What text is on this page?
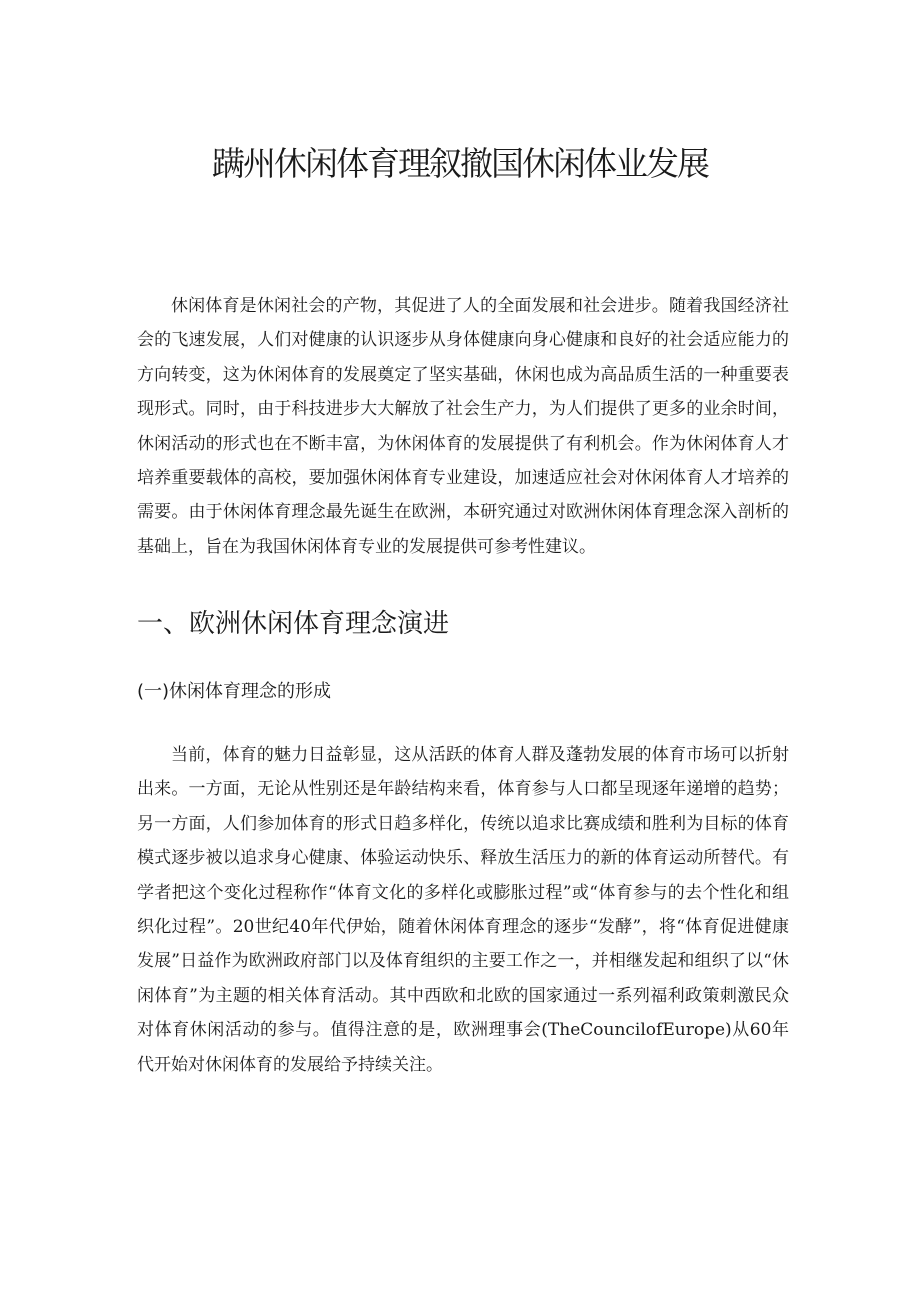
蹒州休闲体育理叙撤国休闲体业发展

休闲体育是休闲社会的产物，其促进了人的全面发展和社会进步。随着我国经济社会的飞速发展，人们对健康的认识逐步从身体健康向身心健康和良好的社会适应能力的方向转变，这为休闲体育的发展奠定了坚实基础，休闲也成为高品质生活的一种重要表现形式。同时，由于科技进步大大解放了社会生产力，为人们提供了更多的业余时间，休闲活动的形式也在不断丰富，为休闲体育的发展提供了有利机会。作为休闲体育人才培养重要载体的高校，要加强休闲体育专业建设，加速适应社会对休闲体育人才培养的需要。由于休闲体育理念最先诞生在欧洲，本研究通过对欧洲休闲体育理念深入剖析的基础上，旨在为我国休闲体育专业的发展提供可参考性建议。

一、欧洲休闲体育理念演进
(一)休闲体育理念的形成

当前，体育的魅力日益彰显，这从活跃的体育人群及蓬勃发展的体育市场可以折射出来。一方面，无论从性别还是年龄结构来看，体育参与人口都呈现逐年递增的趋势；另一方面，人们参加体育的形式日趋多样化，传统以追求比赛成绩和胜利为目标的体育模式逐步被以追求身心健康、体验运动快乐、释放生活压力的新的体育运动所替代。有学者把这个变化过程称作“体育文化的多样化或膨胀过程”或“体育参与的去个性化和组织化过程”。20世纪40年代伊始，随着休闲体育理念的逐步“发酵”，将“体育促进健康发展”日益作为欧洲政府部门以及体育组织的主要工作之一，并相继发起和组织了以“休闲体育”为主题的相关体育活动。其中西欧和北欧的国家通过一系列福利政策刺激民众对体育休闲活动的参与。值得注意的是，欧洲理事会(TheCouncilofEurope)从60年代开始对休闲体育的发展给予持续关注。
